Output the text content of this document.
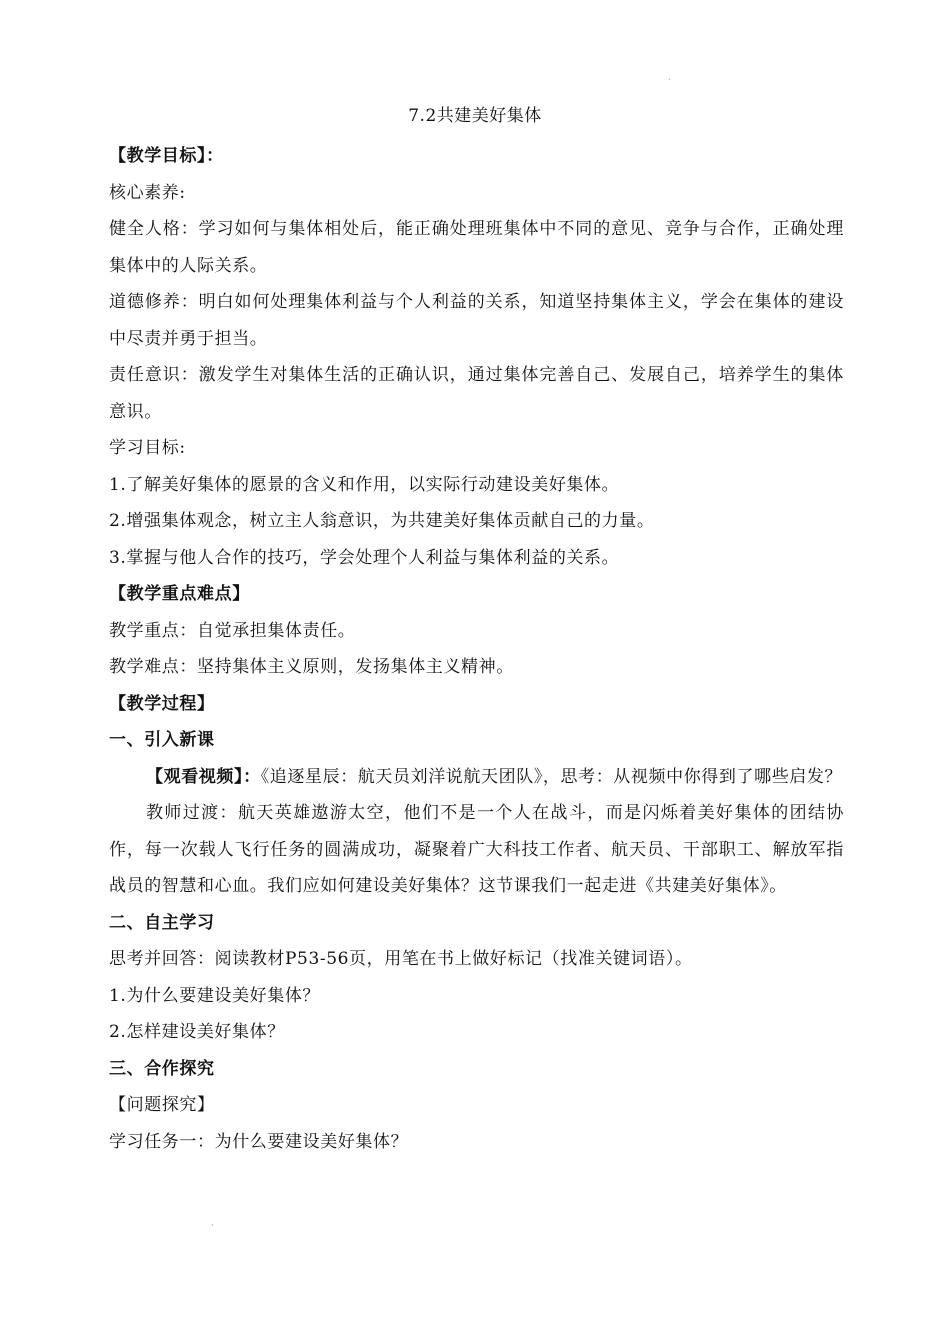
·
7.2共建美好集体

【教学目标】：

核心素养:

健全人格：学习如何与集体相处后，能正确处理班集体中不同的意见、竞争与合作，正确处理集体中的人际关系。

道德修养：明白如何处理集体利益与个人利益的关系，知道坚持集体主义，学会在集体的建设中尽责并勇于担当。

责任意识：激发学生对集体生活的正确认识，通过集体完善自己、发展自己，培养学生的集体意识。

学习目标:

1.了解美好集体的愿景的含义和作用，以实际行动建设美好集体。

2.增强集体观念，树立主人翁意识，为共建美好集体贡献自己的力量。

3.掌握与他人合作的技巧，学会处理个人利益与集体利益的关系。

【教学重点难点】

教学重点：自觉承担集体责任。

教学难点：坚持集体主义原则，发扬集体主义精神。

【教学过程】

一、引入新课

【观看视频】：《追逐星辰：航天员刘洋说航天团队》，思考：从视频中你得到了哪些启发？

教师过渡：航天英雄遨游太空，他们不是一个人在战斗，而是闪烁着美好集体的团结协作，每一次载人飞行任务的圆满成功，凝聚着广大科技工作者、航天员、干部职工、解放军指战员的智慧和心血。我们应如何建设美好集体？这节课我们一起走进《共建美好集体》。

二、自主学习

思考并回答：阅读教材P53-56页，用笔在书上做好标记（找准关键词语）。

1.为什么要建设美好集体？

2.怎样建设美好集体？

三、合作探究

【问题探究】

学习任务一：为什么要建设美好集体？

·
